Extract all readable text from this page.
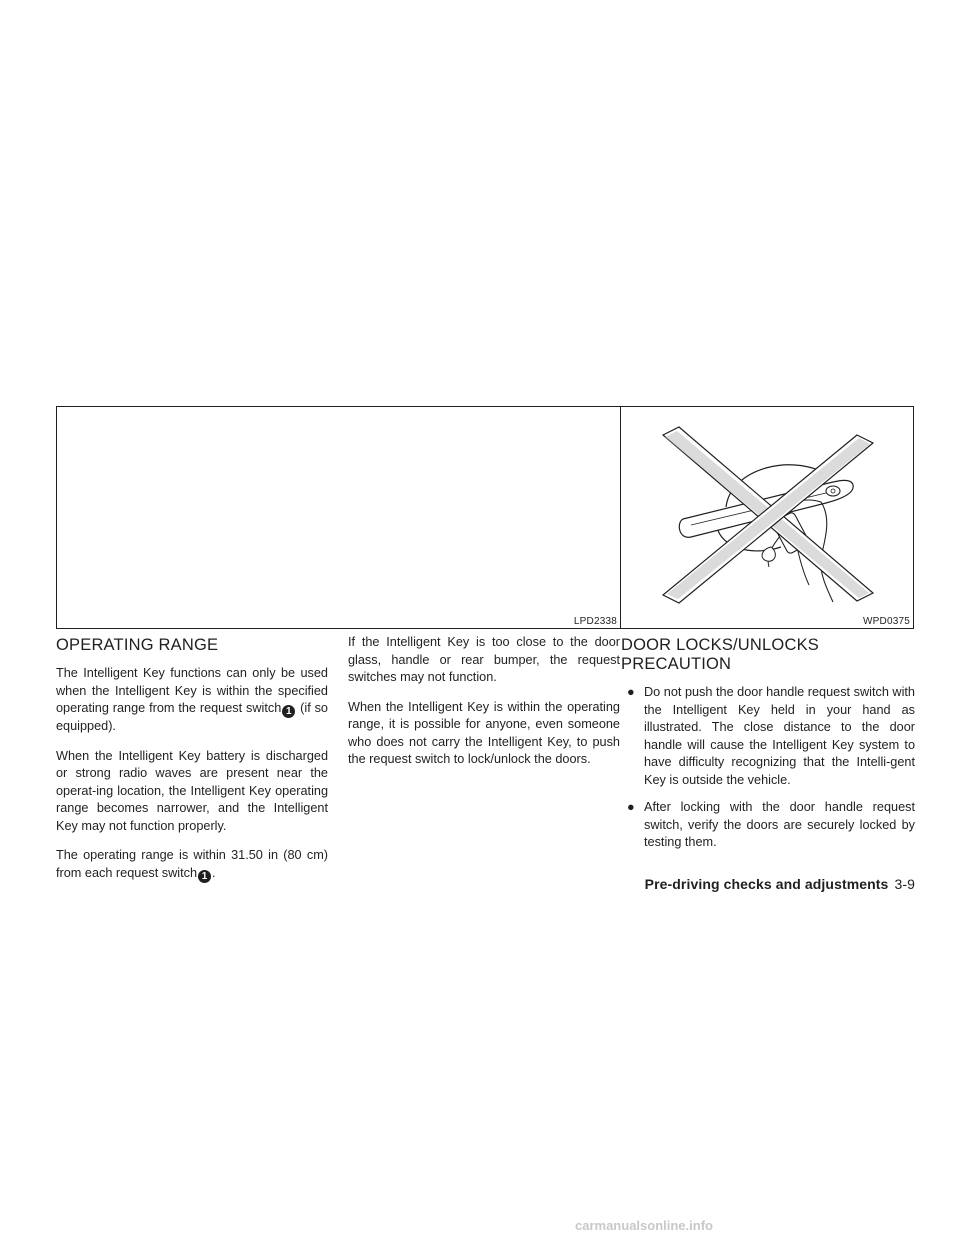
LPD2338	WPD0375
OPERATING RANGE

The Intelligent Key functions can only be used when the Intelligent Key is within the specified operating range from the request switch 1 (if so equipped).

When the Intelligent Key battery is discharged or strong radio waves are present near the operat-ing location, the Intelligent Key operating range becomes narrower, and the Intelligent Key may not function properly.

The operating range is within 31.50 in (80 cm) from each request switch 1 .

If the Intelligent Key is too close to the door glass, handle or rear bumper, the request switches may not function.

When the Intelligent Key is within the operating range, it is possible for anyone, even someone who does not carry the Intelligent Key, to push the request switch to lock/unlock the doors.

DOOR LOCKS/UNLOCKS
PRECAUTION
● Do not push the door handle request switch with the Intelligent Key held in your hand as illustrated. The close distance to the door handle will cause the Intelligent Key system to have difficulty recognizing that the Intelli-gent Key is outside the vehicle.
● After locking with the door handle request switch, verify the doors are securely locked by testing them.
Pre-driving checks and adjustments 3-9
carmanualsonline.info
